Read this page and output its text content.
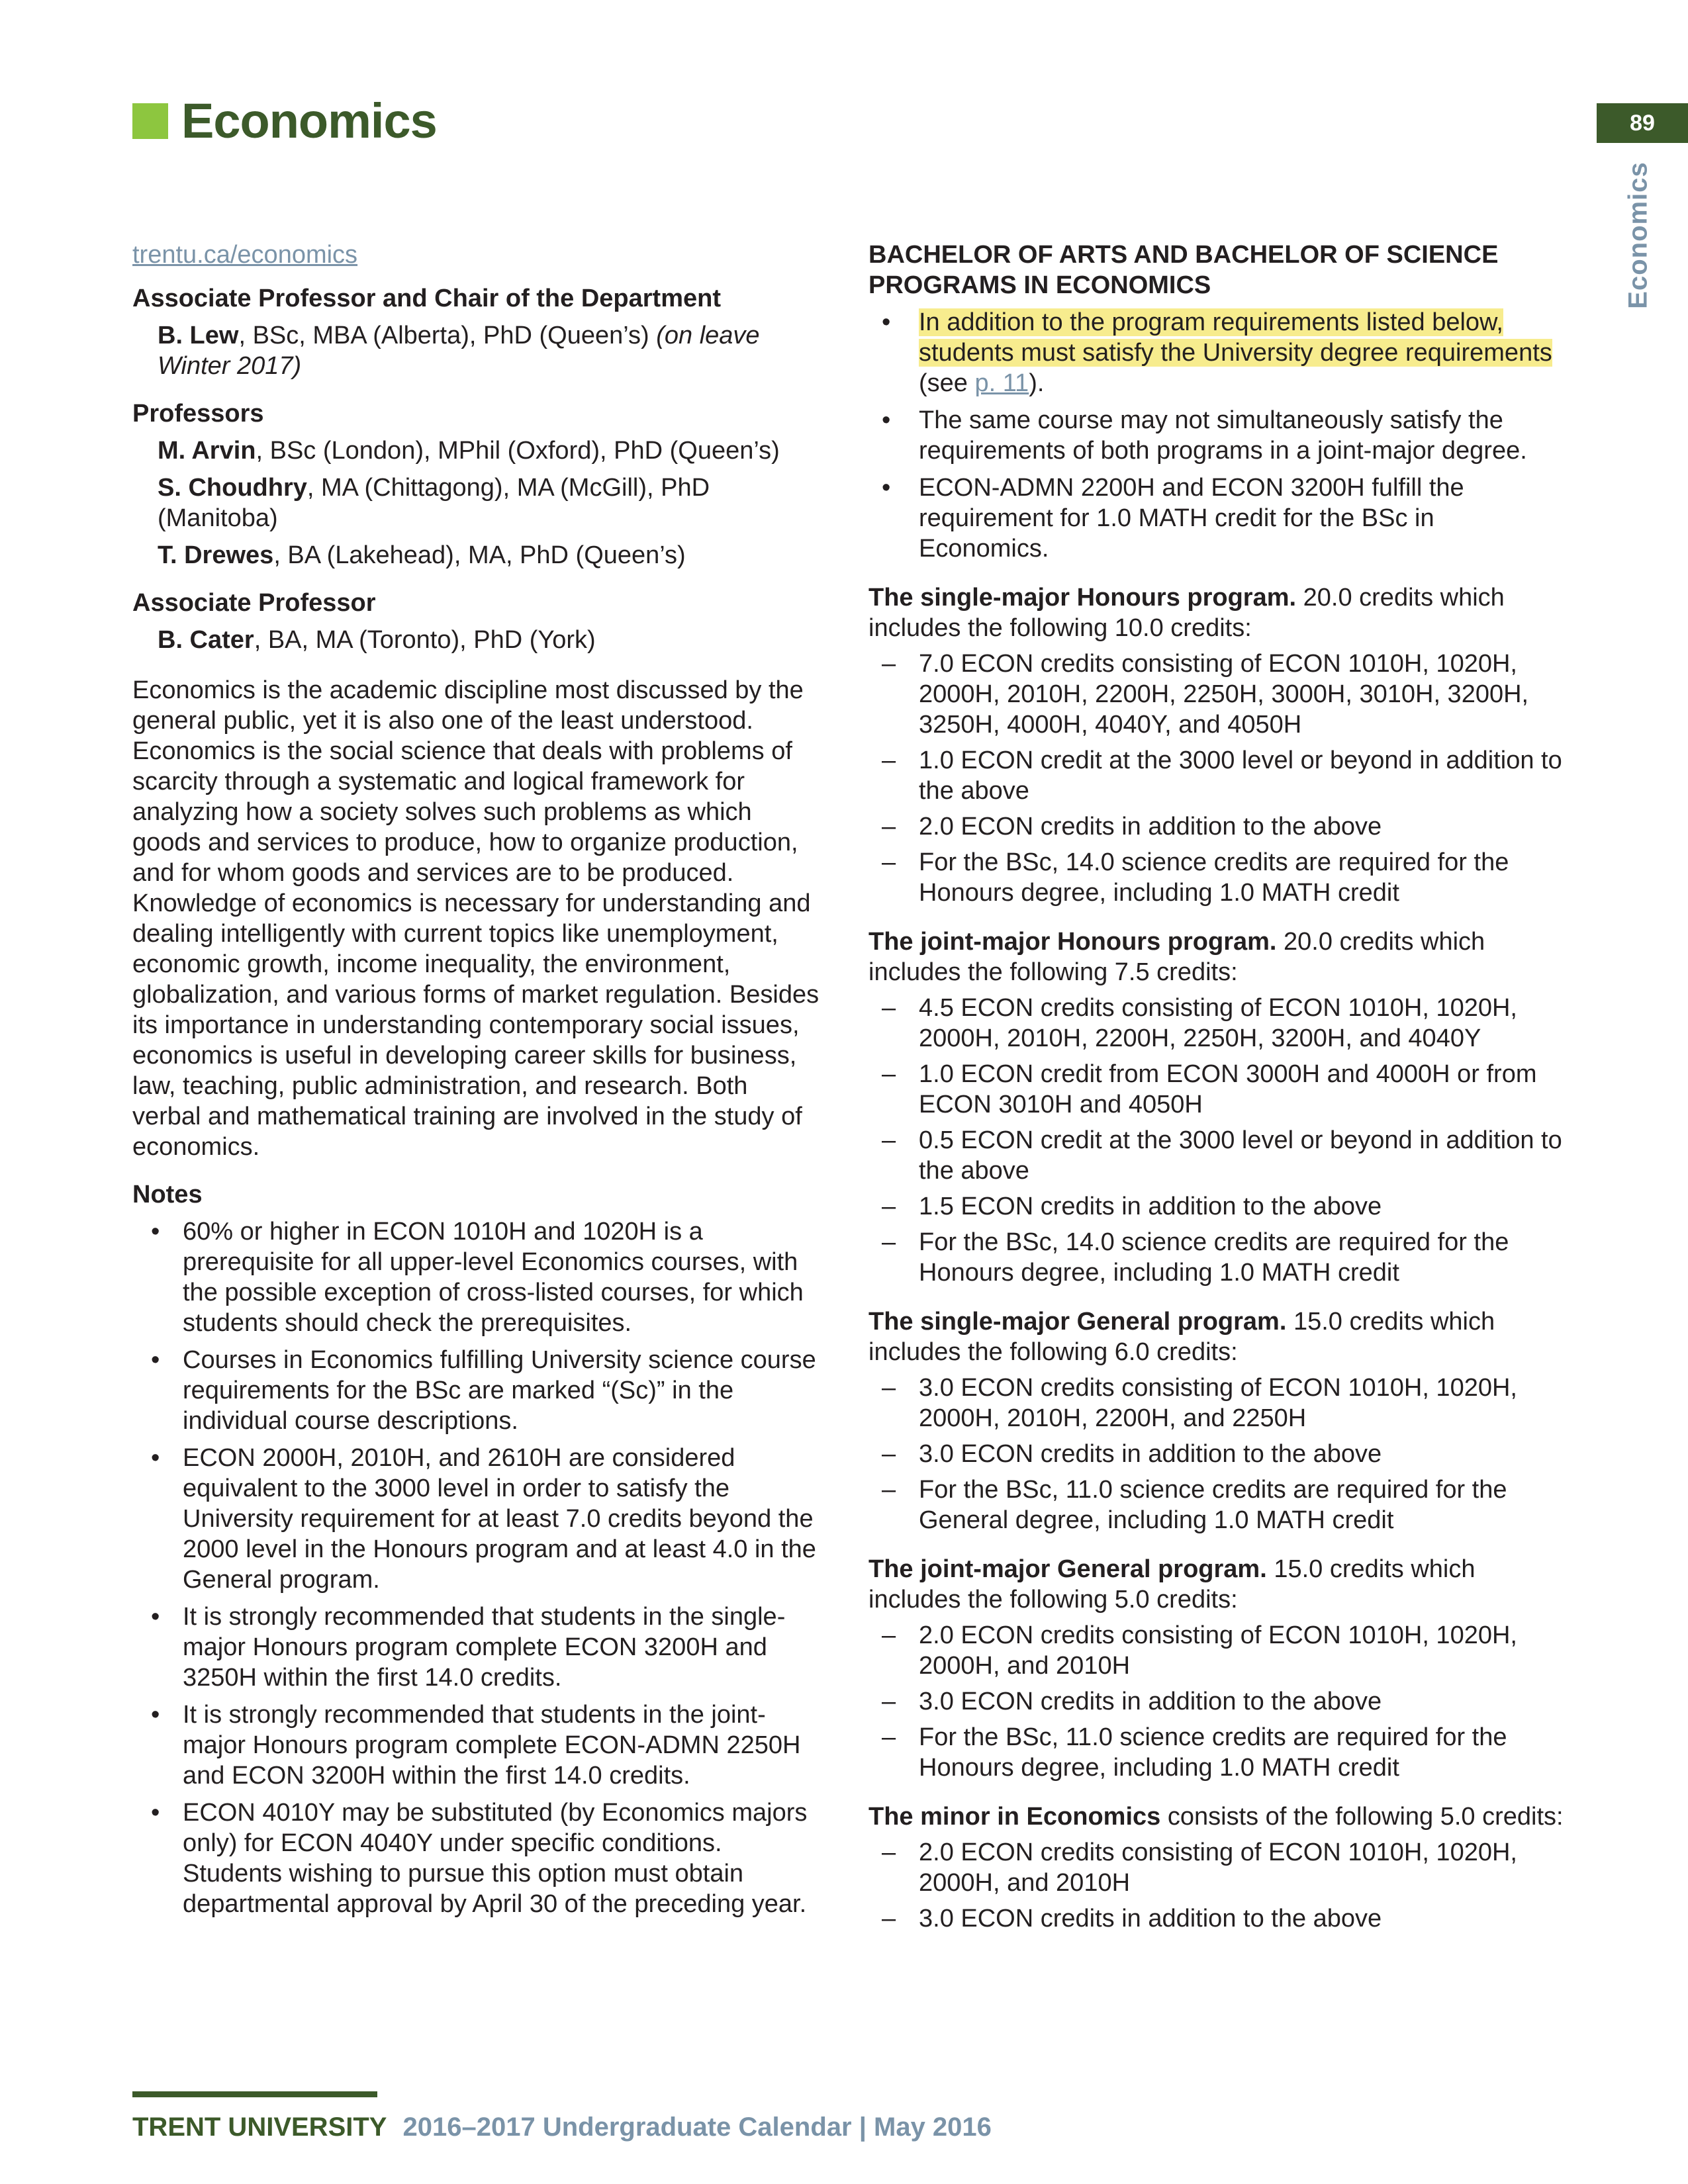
Economics	89
Economics

trentu.ca/economics

Associate Professor and Chair of the Department

B. Lew, BSc, MBA (Alberta), PhD (Queen’s) (on leave Winter 2017)

Professors

M. Arvin, BSc (London), MPhil (Oxford), PhD (Queen’s)

S. Choudhry, MA (Chittagong), MA (McGill), PhD (Manitoba)

T. Drewes, BA (Lakehead), MA, PhD (Queen’s)

Associate Professor

B. Cater, BA, MA (Toronto), PhD (York)

Economics is the academic discipline most discussed by the general public, yet it is also one of the least understood. Economics is the social science that deals with problems of scarcity through a systematic and logical framework for analyzing how a society solves such problems as which goods and services to produce, how to organize production, and for whom goods and services are to be produced. Knowledge of economics is necessary for understanding and dealing intelligently with current topics like unemployment, economic growth, income inequality, the environment, globalization, and various forms of market regulation. Besides its importance in understanding contemporary social issues, economics is useful in developing career skills for business, law, teaching, public administration, and research. Both verbal and mathematical training are involved in the study of economics.

Notes

• 60% or higher in ECON 1010H and 1020H is a prerequisite for all upper-level Economics courses, with the possible exception of cross-listed courses, for which students should check the prerequisites.
• Courses in Economics fulfilling University science course requirements for the BSc are marked “(Sc)” in the individual course descriptions.
• ECON 2000H, 2010H, and 2610H are considered equivalent to the 3000 level in order to satisfy the University requirement for at least 7.0 credits beyond the 2000 level in the Honours program and at least 4.0 in the General program.
• It is strongly recommended that students in the single-major Honours program complete ECON 3200H and 3250H within the first 14.0 credits.
• It is strongly recommended that students in the joint-major Honours program complete ECON-ADMN 2250H and ECON 3200H within the first 14.0 credits.
• ECON 4010Y may be substituted (by Economics majors only) for ECON 4040Y under specific conditions. Students wishing to pursue this option must obtain departmental approval by April 30 of the preceding year.

BACHELOR OF ARTS AND BACHELOR OF SCIENCE PROGRAMS IN ECONOMICS

• In addition to the program requirements listed below, students must satisfy the University degree requirements (see p. 11).
• The same course may not simultaneously satisfy the requirements of both programs in a joint-major degree.
• ECON-ADMN 2200H and ECON 3200H fulfill the requirement for 1.0 MATH credit for the BSc in Economics.

The single-major Honours program. 20.0 credits which includes the following 10.0 credits:

– 7.0 ECON credits consisting of ECON 1010H, 1020H, 2000H, 2010H, 2200H, 2250H, 3000H, 3010H, 3200H, 3250H, 4000H, 4040Y, and 4050H
– 1.0 ECON credit at the 3000 level or beyond in addition to the above
– 2.0 ECON credits in addition to the above
– For the BSc, 14.0 science credits are required for the Honours degree, including 1.0 MATH credit

The joint-major Honours program. 20.0 credits which includes the following 7.5 credits:

– 4.5 ECON credits consisting of ECON 1010H, 1020H, 2000H, 2010H, 2200H, 2250H, 3200H, and 4040Y
– 1.0 ECON credit from ECON 3000H and 4000H or from ECON 3010H and 4050H
– 0.5 ECON credit at the 3000 level or beyond in addition to the above
– 1.5 ECON credits in addition to the above
– For the BSc, 14.0 science credits are required for the Honours degree, including 1.0 MATH credit

The single-major General program. 15.0 credits which includes the following 6.0 credits:

– 3.0 ECON credits consisting of ECON 1010H, 1020H, 2000H, 2010H, 2200H, and 2250H
– 3.0 ECON credits in addition to the above
– For the BSc, 11.0 science credits are required for the General degree, including 1.0 MATH credit

The joint-major General program. 15.0 credits which includes the following 5.0 credits:

– 2.0 ECON credits consisting of ECON 1010H, 1020H, 2000H, and 2010H
– 3.0 ECON credits in addition to the above
– For the BSc, 11.0 science credits are required for the Honours degree, including 1.0 MATH credit

The minor in Economics consists of the following 5.0 credits:

– 2.0 ECON credits consisting of ECON 1010H, 1020H, 2000H, and 2010H
– 3.0 ECON credits in addition to the above
TRENT UNIVERSITY 2016–2017 Undergraduate Calendar | May 2016
